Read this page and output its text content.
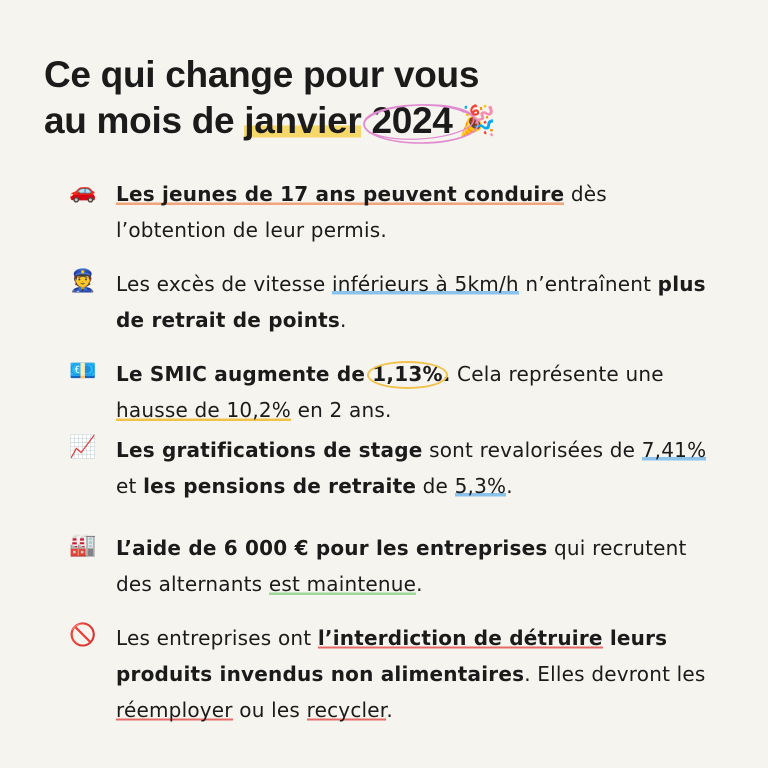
Ce qui change pour vous
au mois de janvier 2024 🎉
🚗 Les jeunes de 17 ans peuvent conduire dès l’obtention de leur permis.
👮 Les excès de vitesse inférieurs à 5km/h n’entraînent plus de retrait de points.
💶 Le SMIC augmente de 1,13%. Cela représente une hausse de 10,2% en 2 ans.
📈 Les gratifications de stage sont revalorisées de 7,41% et les pensions de retraite de 5,3%.
🏭 L’aide de 6 000 € pour les entreprises qui recrutent des alternants est maintenue.
🚫 Les entreprises ont l’interdiction de détruire leurs produits invendus non alimentaires. Elles devront les réemployer ou les recycler.
